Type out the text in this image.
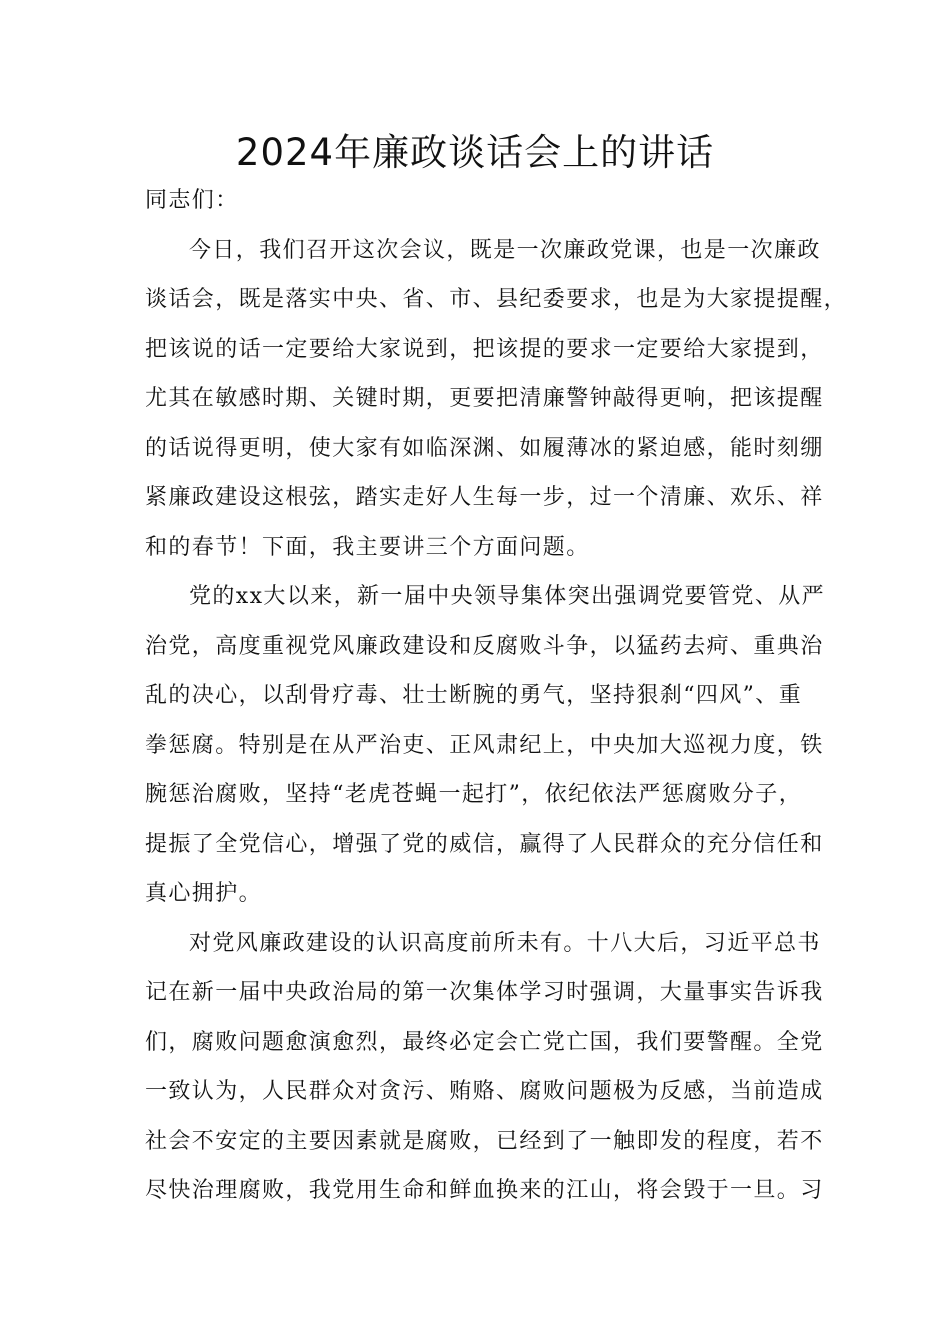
2024年廉政谈话会上的讲话
同志们：
今日，我们召开这次会议，既是一次廉政党课，也是一次廉政
谈话会，既是落实中央、省、市、县纪委要求，也是为大家提提醒，
把该说的话一定要给大家说到，把该提的要求一定要给大家提到，
尤其在敏感时期、关键时期，更要把清廉警钟敲得更响，把该提醒
的话说得更明，使大家有如临深渊、如履薄冰的紧迫感，能时刻绷
紧廉政建设这根弦，踏实走好人生每一步，过一个清廉、欢乐、祥
和的春节！下面，我主要讲三个方面问题。
党的xx大以来，新一届中央领导集体突出强调党要管党、从严
治党，高度重视党风廉政建设和反腐败斗争，以猛药去疴、重典治
乱的决心，以刮骨疗毒、壮士断腕的勇气，坚持狠刹“四风”、重
拳惩腐。特别是在从严治吏、正风肃纪上，中央加大巡视力度，铁
腕惩治腐败，坚持“老虎苍蝇一起打”，依纪依法严惩腐败分子，
提振了全党信心，增强了党的威信，赢得了人民群众的充分信任和
真心拥护。
对党风廉政建设的认识高度前所未有。十八大后，习近平总书
记在新一届中央政治局的第一次集体学习时强调，大量事实告诉我
们，腐败问题愈演愈烈，最终必定会亡党亡国，我们要警醒。全党
一致认为，人民群众对贪污、贿赂、腐败问题极为反感，当前造成
社会不安定的主要因素就是腐败，已经到了一触即发的程度，若不
尽快治理腐败，我党用生命和鲜血换来的江山，将会毁于一旦。习
